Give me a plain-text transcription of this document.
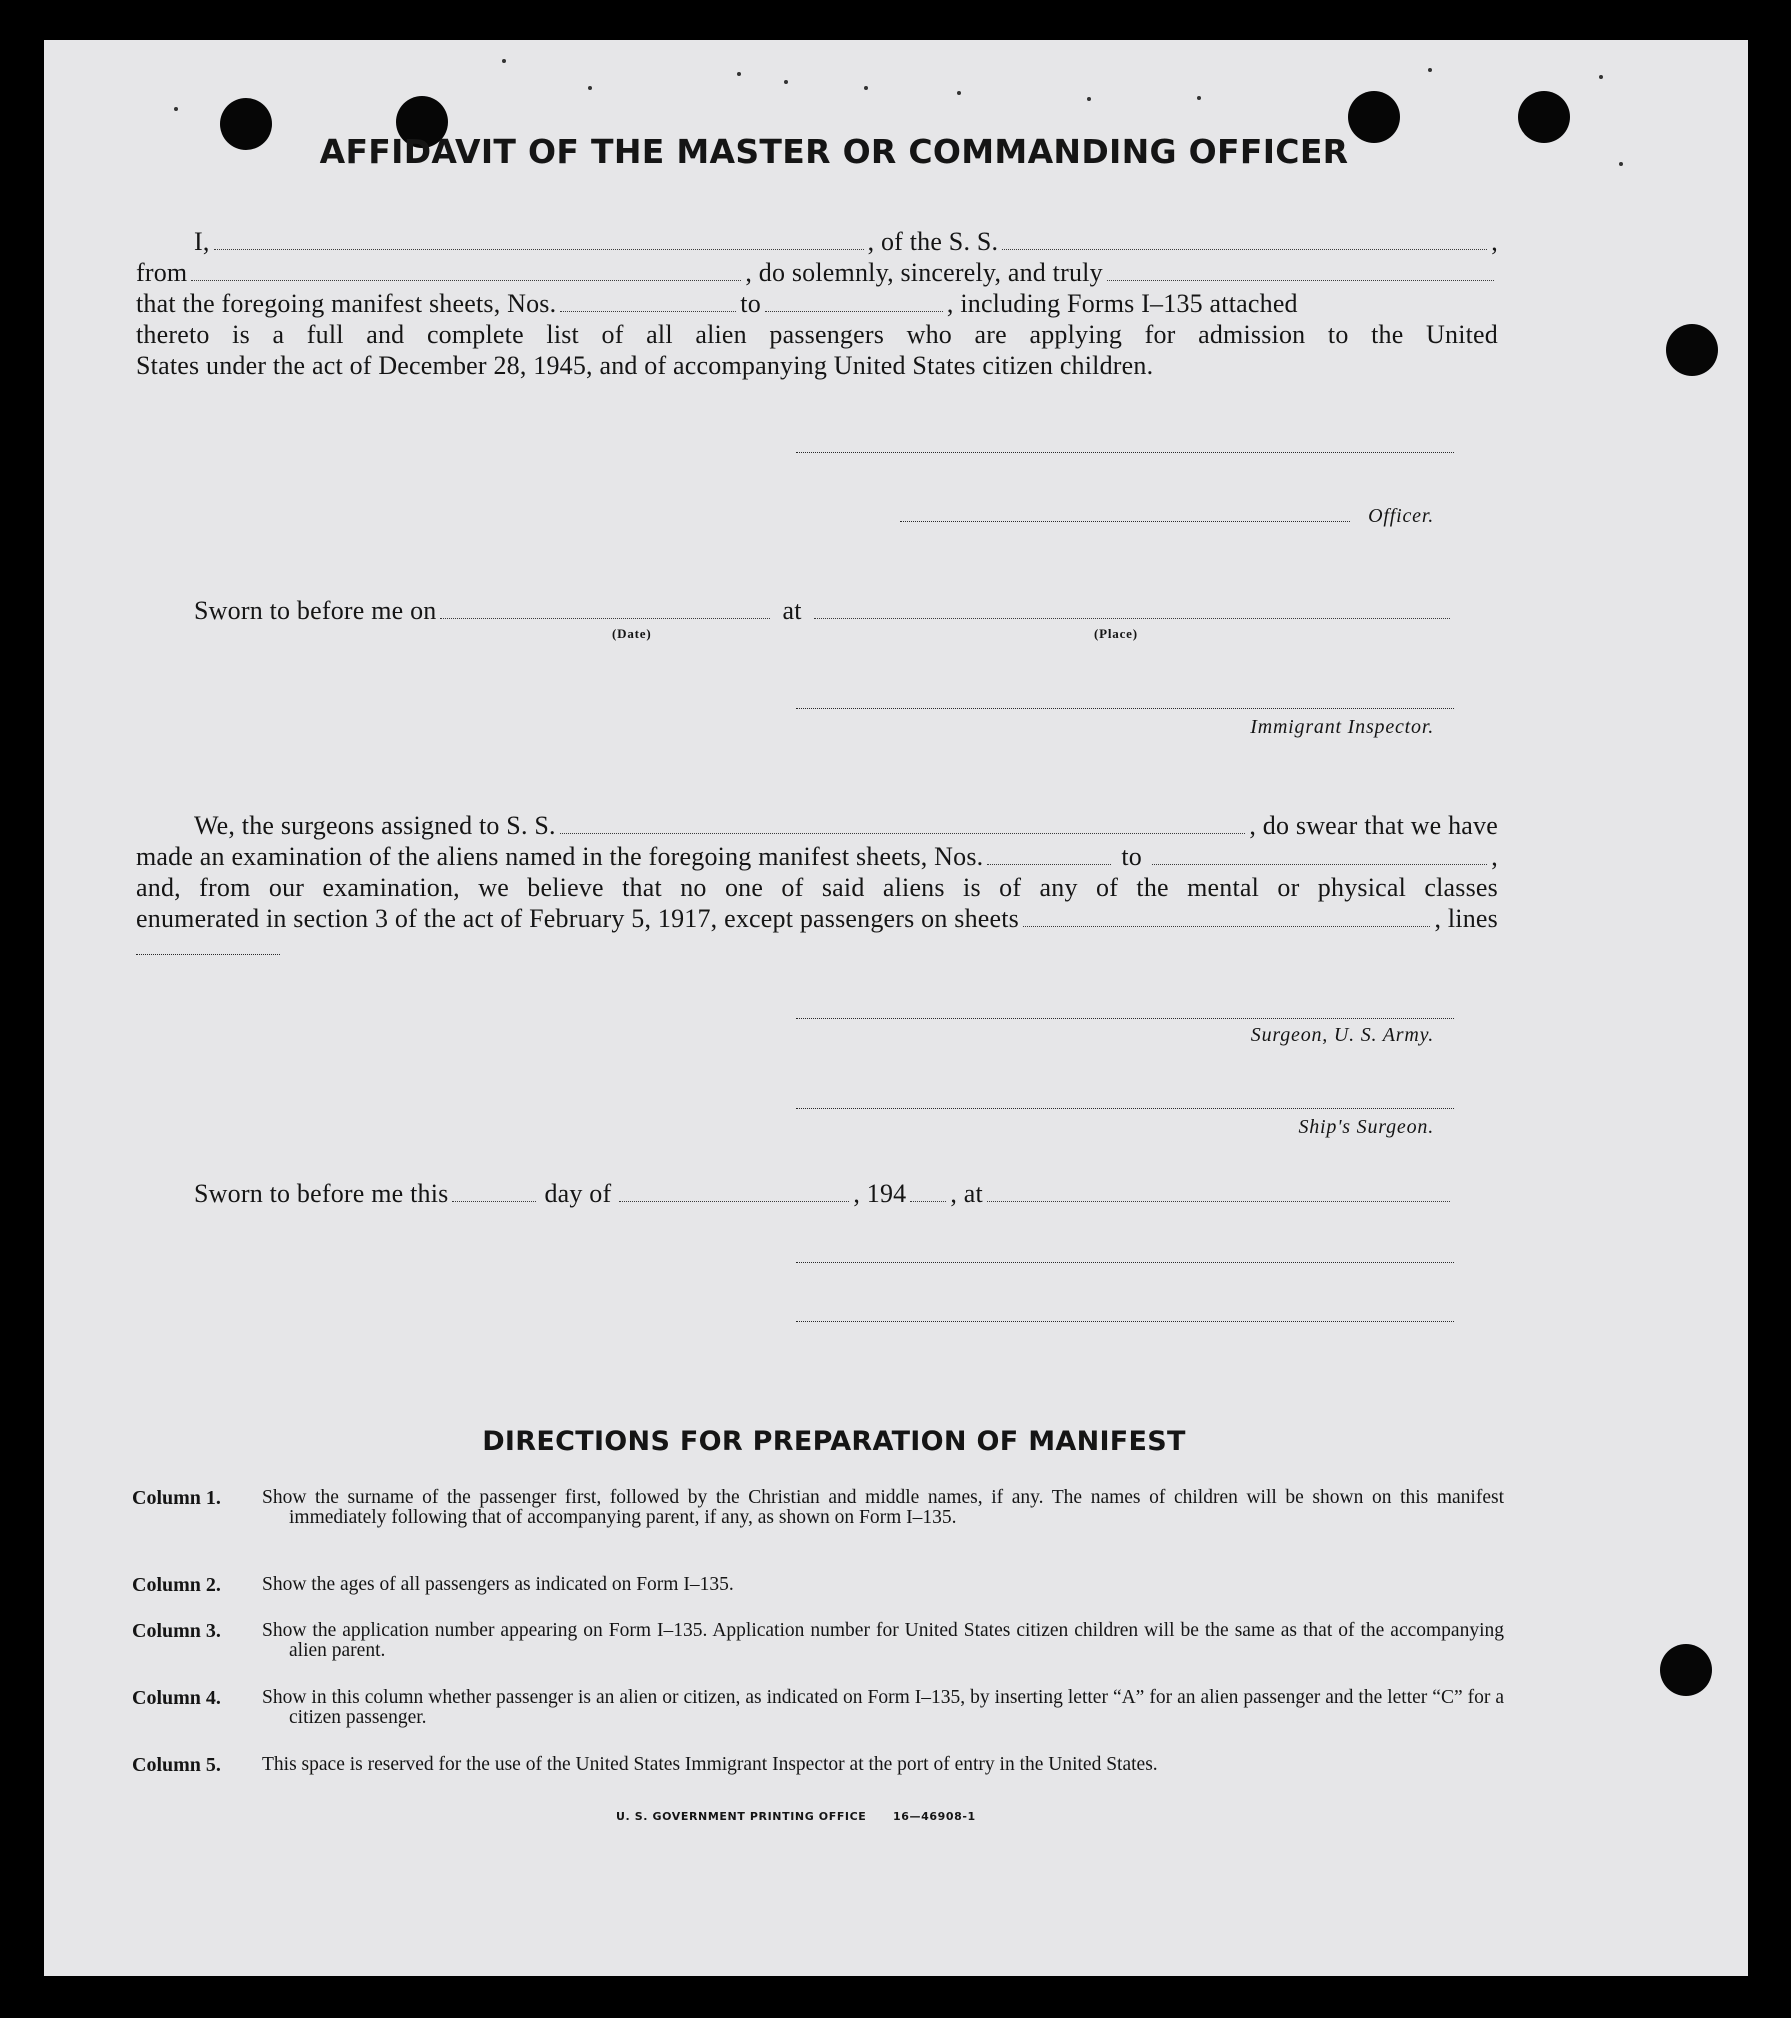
AFFIDAVIT OF THE MASTER OR COMMANDING OFFICER
I,	, of the S. S.	,
from	, do solemnly, sincerely, and truly
that the foregoing manifest sheets, Nos.	to	, including Forms I–135 attached
thereto is a full and complete list of all alien passengers who are applying for admission to the United
States under the act of December 28, 1945, and of accompanying United States citizen children.
Officer.
Sworn to before me on	at
(Date)	(Place)
Immigrant Inspector.
We, the surgeons assigned to S. S.	, do swear that we have
made an examination of the aliens named in the foregoing manifest sheets, Nos.	to	,
and, from our examination, we believe that no one of said aliens is of any of the mental or physical classes
enumerated in section 3 of the act of February 5, 1917, except passengers on sheets	, lines
Surgeon, U. S. Army.
Ship's Surgeon.
Sworn to before me this	day of	, 194 , at
DIRECTIONS FOR PREPARATION OF MANIFEST
Column 1. Show the surname of the passenger first, followed by the Christian and middle names, if any. The names of children will be shown on this manifest immediately following that of accompanying parent, if any, as shown on Form I–135.
Column 2. Show the ages of all passengers as indicated on Form I–135.
Column 3. Show the application number appearing on Form I–135. Application number for United States citizen children will be the same as that of the accompanying alien parent.
Column 4. Show in this column whether passenger is an alien or citizen, as indicated on Form I–135, by inserting letter “A” for an alien passenger and the letter “C” for a citizen passenger.
Column 5. This space is reserved for the use of the United States Immigrant Inspector at the port of entry in the United States.
U. S. GOVERNMENT PRINTING OFFICE      16—46908-1
